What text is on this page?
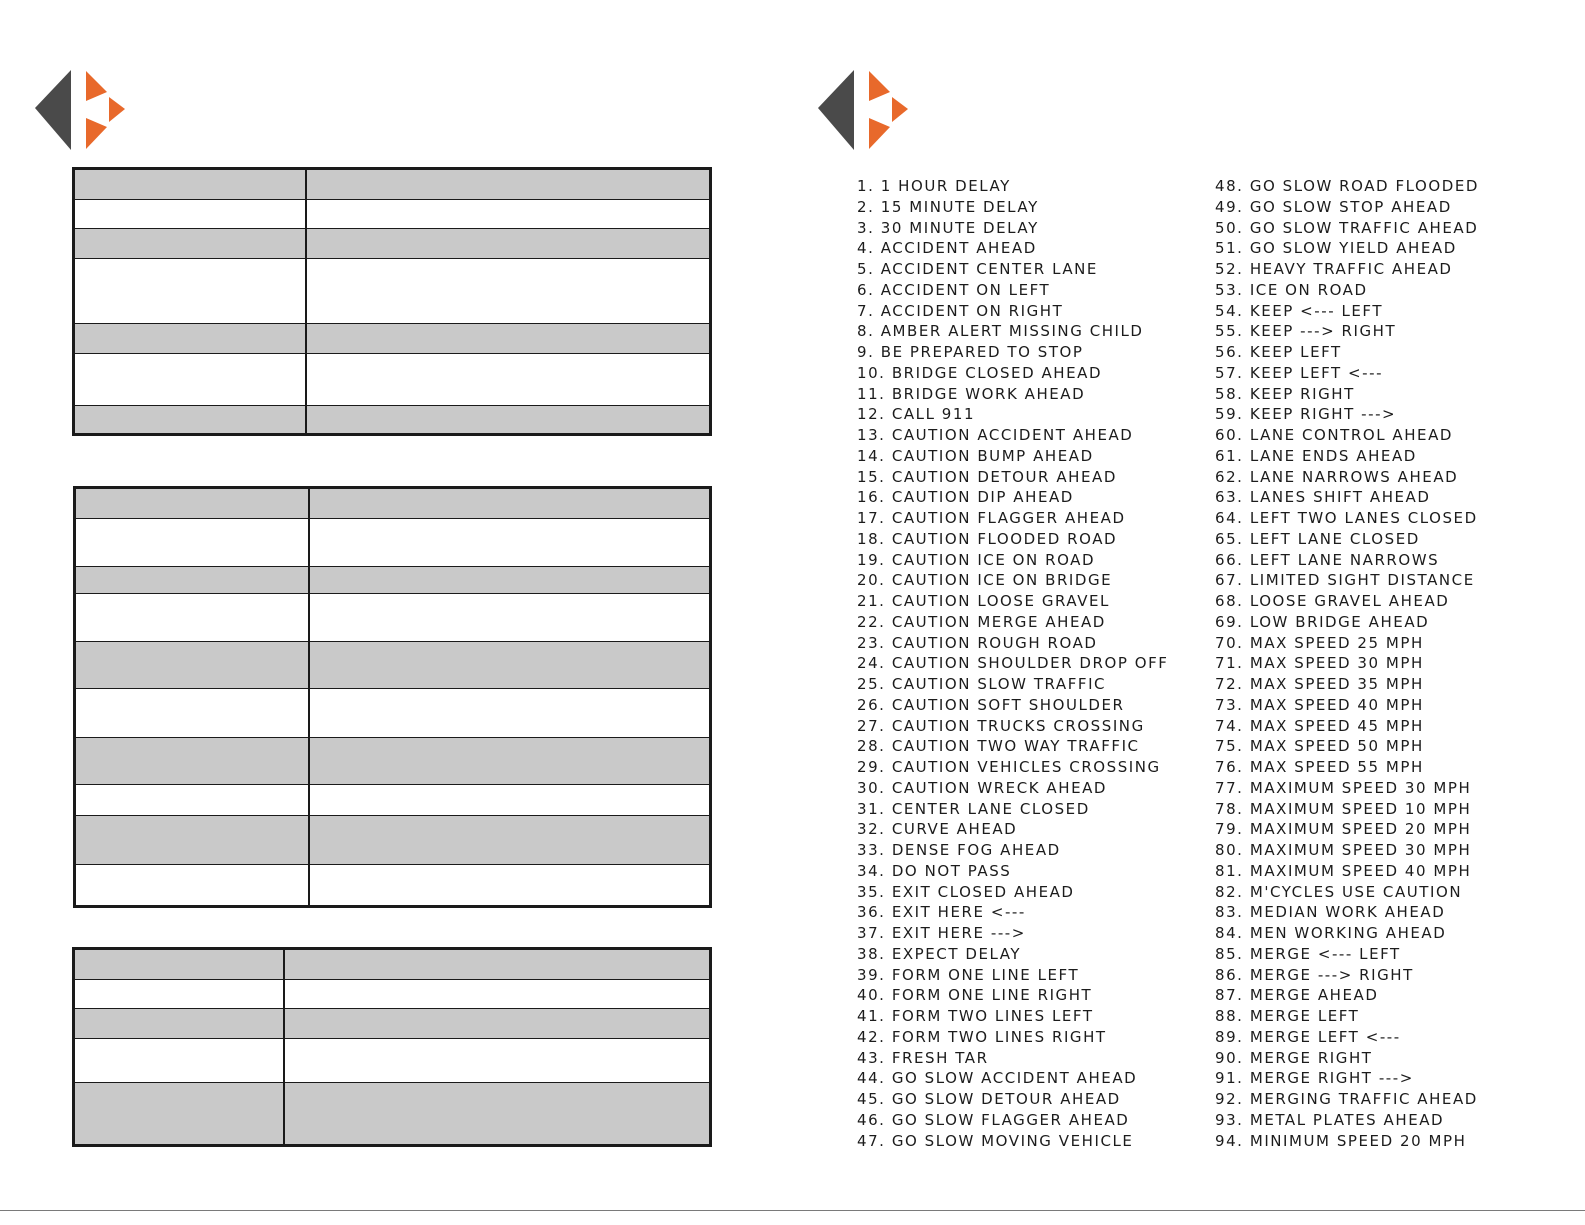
1. 1 HOUR DELAY
2. 15 MINUTE DELAY
3. 30 MINUTE DELAY
4. ACCIDENT AHEAD
5. ACCIDENT CENTER LANE
6. ACCIDENT ON LEFT
7. ACCIDENT ON RIGHT
8. AMBER ALERT MISSING CHILD
9. BE PREPARED TO STOP
10. BRIDGE CLOSED AHEAD
11. BRIDGE WORK AHEAD
12. CALL 911
13. CAUTION ACCIDENT AHEAD
14. CAUTION BUMP AHEAD
15. CAUTION DETOUR AHEAD
16. CAUTION DIP AHEAD
17. CAUTION FLAGGER AHEAD
18. CAUTION FLOODED ROAD
19. CAUTION ICE ON ROAD
20. CAUTION ICE ON BRIDGE
21. CAUTION LOOSE GRAVEL
22. CAUTION MERGE AHEAD
23. CAUTION ROUGH ROAD
24. CAUTION SHOULDER DROP OFF
25. CAUTION SLOW TRAFFIC
26. CAUTION SOFT SHOULDER
27. CAUTION TRUCKS CROSSING
28. CAUTION TWO WAY TRAFFIC
29. CAUTION VEHICLES CROSSING
30. CAUTION WRECK AHEAD
31. CENTER LANE CLOSED
32. CURVE AHEAD
33. DENSE FOG AHEAD
34. DO NOT PASS
35. EXIT CLOSED AHEAD
36. EXIT HERE <---
37. EXIT HERE --->
38. EXPECT DELAY
39. FORM ONE LINE LEFT
40. FORM ONE LINE RIGHT
41. FORM TWO LINES LEFT
42. FORM TWO LINES RIGHT
43. FRESH TAR
44. GO SLOW ACCIDENT AHEAD
45. GO SLOW DETOUR AHEAD
46. GO SLOW FLAGGER AHEAD
47. GO SLOW MOVING VEHICLE
48. GO SLOW ROAD FLOODED
49. GO SLOW STOP AHEAD
50. GO SLOW TRAFFIC AHEAD
51. GO SLOW YIELD AHEAD
52. HEAVY TRAFFIC AHEAD
53. ICE ON ROAD
54. KEEP <--- LEFT
55. KEEP ---> RIGHT
56. KEEP LEFT
57. KEEP LEFT <---
58. KEEP RIGHT
59. KEEP RIGHT --->
60. LANE CONTROL AHEAD
61. LANE ENDS AHEAD
62. LANE NARROWS AHEAD
63. LANES SHIFT AHEAD
64. LEFT TWO LANES CLOSED
65. LEFT LANE CLOSED
66. LEFT LANE NARROWS
67. LIMITED SIGHT DISTANCE
68. LOOSE GRAVEL AHEAD
69. LOW BRIDGE AHEAD
70. MAX SPEED 25 MPH
71. MAX SPEED 30 MPH
72. MAX SPEED 35 MPH
73. MAX SPEED 40 MPH
74. MAX SPEED 45 MPH
75. MAX SPEED 50 MPH
76. MAX SPEED 55 MPH
77. MAXIMUM SPEED 30 MPH
78. MAXIMUM SPEED 10 MPH
79. MAXIMUM SPEED 20 MPH
80. MAXIMUM SPEED 30 MPH
81. MAXIMUM SPEED 40 MPH
82. M'CYCLES USE CAUTION
83. MEDIAN WORK AHEAD
84. MEN WORKING AHEAD
85. MERGE <--- LEFT
86. MERGE ---> RIGHT
87. MERGE AHEAD
88. MERGE LEFT
89. MERGE LEFT <---
90. MERGE RIGHT
91. MERGE RIGHT --->
92. MERGING TRAFFIC AHEAD
93. METAL PLATES AHEAD
94. MINIMUM SPEED 20 MPH
